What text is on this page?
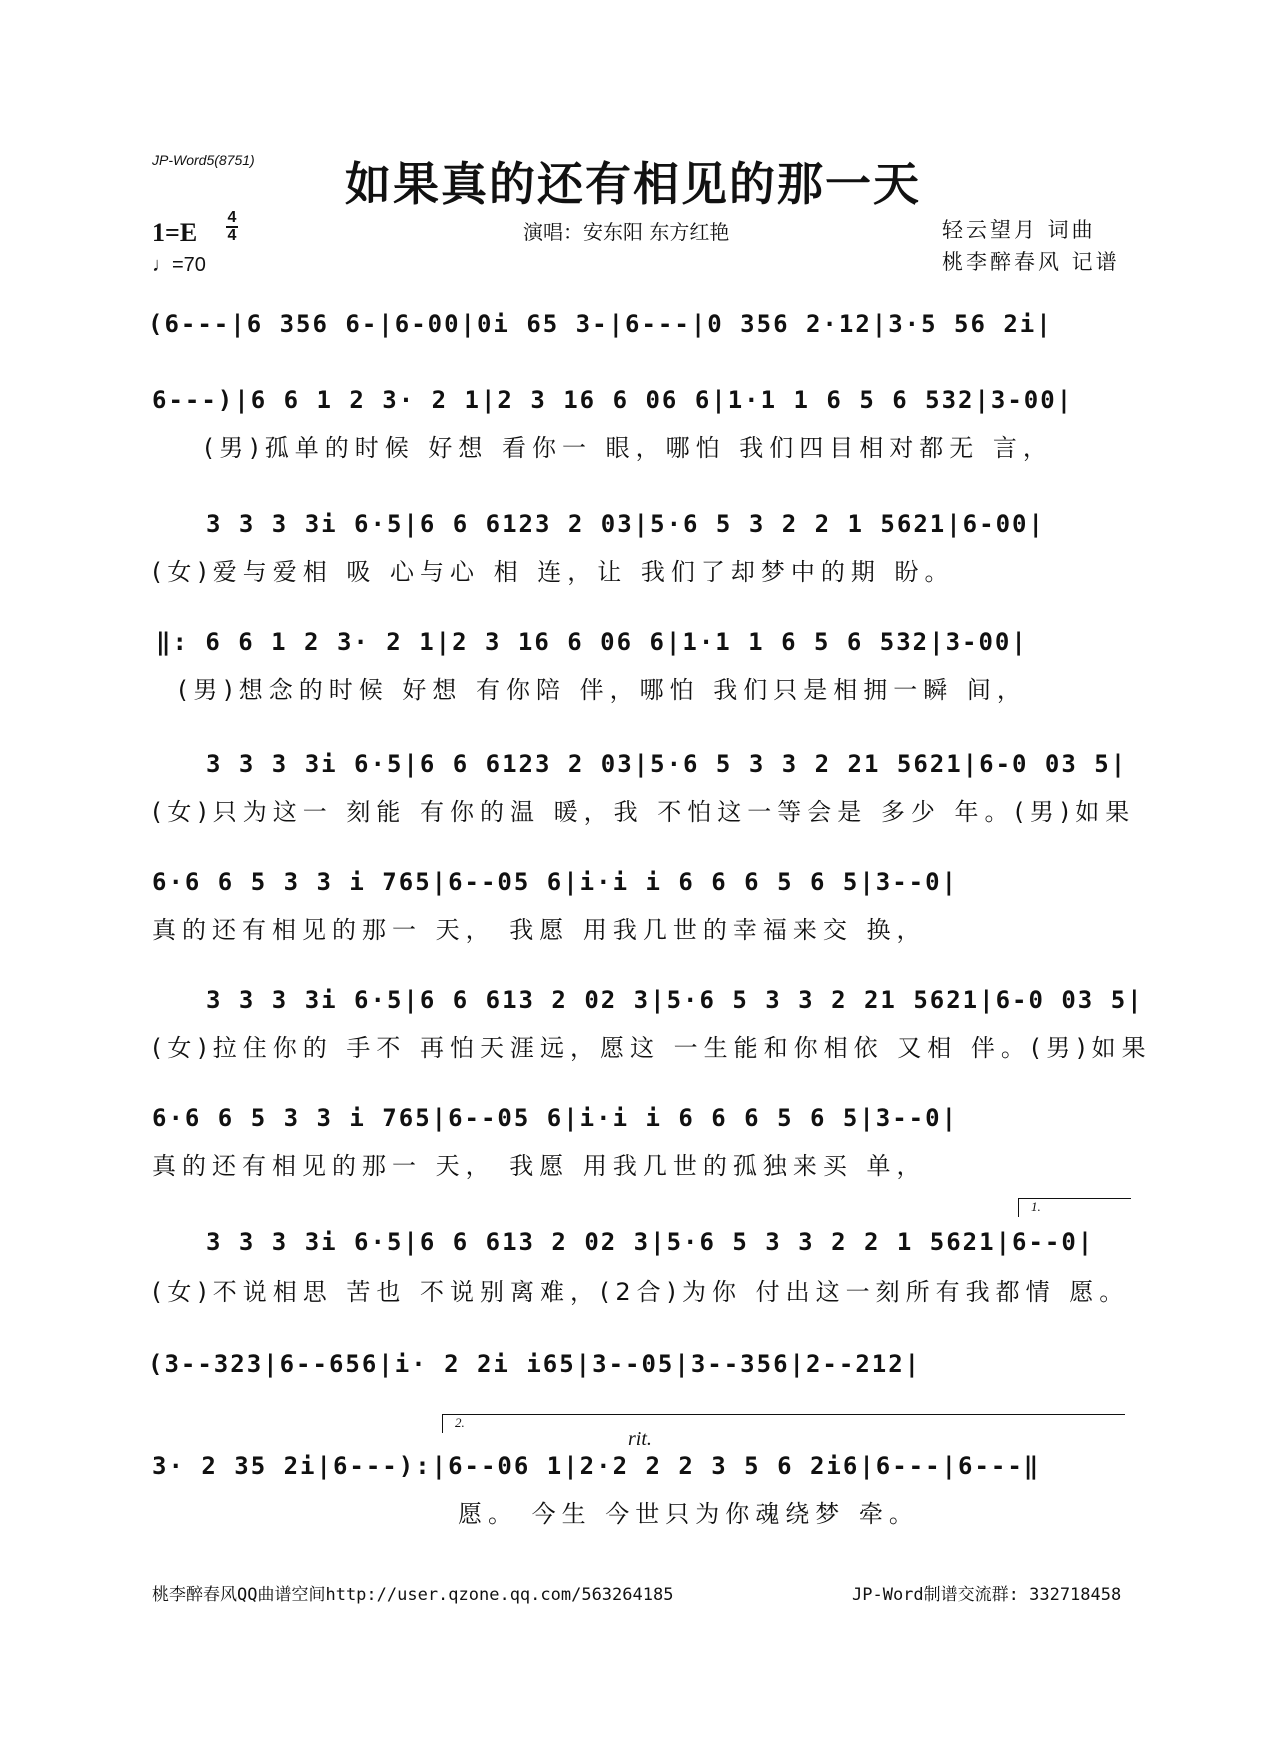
JP-Word5(8751) 如果真的还有相见的那一天
1=E
4
4
♩=70
演唱：安东阳 东方红艳	轻云望月 词曲
桃李醉春风 记谱
(6---|6 356 6-|6-00|0i 65 3-|6---|0 356 2·12|3·5 56 2i|
6---)|6 6 1 2 3· 2 1|2 3 16 6 06 6|1·1 1 6 5 6 532|3-00|
(男)孤单的时候 好想 看你一 眼，哪怕 我们四目相对都无 言，
3 3 3 3i 6·5|6 6 6123 2 03|5·6 5 3 2 2 1 5621|6-00|
(女)爱与爱相 吸 心与心 相 连，让 我们了却梦中的期 盼。
‖: 6 6 1 2 3· 2 1|2 3 16 6 06 6|1·1 1 6 5 6 532|3-00|
(男)想念的时候 好想 有你陪 伴，哪怕 我们只是相拥一瞬 间，
3 3 3 3i 6·5|6 6 6123 2 03|5·6 5 3 3 2 21 5621|6-0 03 5|
(女)只为这一 刻能 有你的温 暖，我 不怕这一等会是 多少 年。(男)如果
6·6 6 5 3 3 i 765|6--05 6|i·i i 6 6 6 5 6 5|3--0|
真的还有相见的那一 天， 我愿 用我几世的幸福来交 换，
3 3 3 3i 6·5|6 6 613 2 02 3|5·6 5 3 3 2 21 5621|6-0 03 5|
(女)拉住你的 手不 再怕天涯远，愿这 一生能和你相依 又相 伴。(男)如果
6·6 6 5 3 3 i 765|6--05 6|i·i i 6 6 6 5 6 5|3--0|
真的还有相见的那一 天， 我愿 用我几世的孤独来买 单，
1.
3 3 3 3i 6·5|6 6 613 2 02 3|5·6 5 3 3 2 2 1 5621|6--0|
(女)不说相思 苦也 不说别离难，(2合)为你 付出这一刻所有我都情 愿。
(3--323|6--656|i· 2 2i i65|3--05|3--356|2--212|
2.
rit.
3· 2 35 2i|6---):|6--06 1|2·2 2 2 3 5 6 2i6|6---|6---‖
愿。 今生 今世只为你魂绕梦 牵。
桃李醉春风QQ曲谱空间http://user.qzone.qq.com/563264185	JP-Word制谱交流群: 332718458
